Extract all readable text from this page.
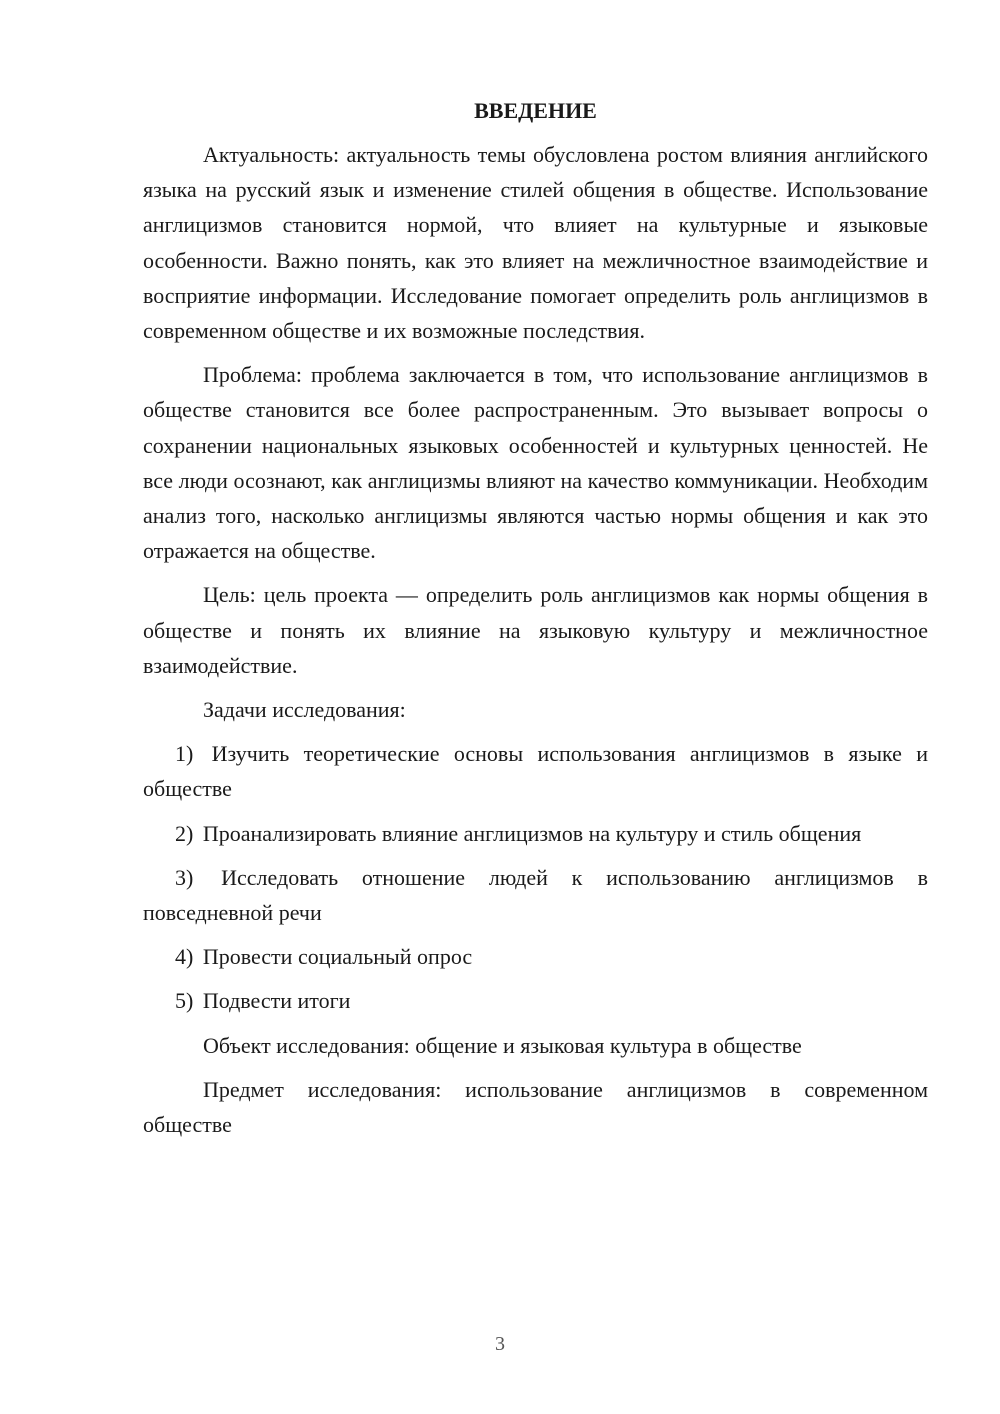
ВВЕДЕНИЕ

Актуальность: актуальность темы обусловлена ростом влияния английского языка на русский язык и изменение стилей общения в обществе. Использование англицизмов становится нормой, что влияет на культурные и языковые особенности. Важно понять, как это влияет на межличностное взаимодействие и восприятие информации. Исследование помогает определить роль англицизмов в современном обществе и их возможные последствия.

Проблема: проблема заключается в том, что использование англицизмов в обществе становится все более распространенным. Это вызывает вопросы о сохранении национальных языковых особенностей и культурных ценностей. Не все люди осознают, как англицизмы влияют на качество коммуникации. Необходим анализ того, насколько англицизмы являются частью нормы общения и как это отражается на обществе.

Цель: цель проекта — определить роль англицизмов как нормы общения в обществе и понять их влияние на языковую культуру и межличностное взаимодействие.

Задачи исследования:

1) Изучить теоретические основы использования англицизмов в языке и обществе

2) Проанализировать влияние англицизмов на культуру и стиль общения

3) Исследовать отношение людей к использованию англицизмов в повседневной речи

4) Провести социальный опрос

5) Подвести итоги

Объект исследования: общение и языковая культура в обществе

Предмет исследования: использование англицизмов в современном обществе

3
